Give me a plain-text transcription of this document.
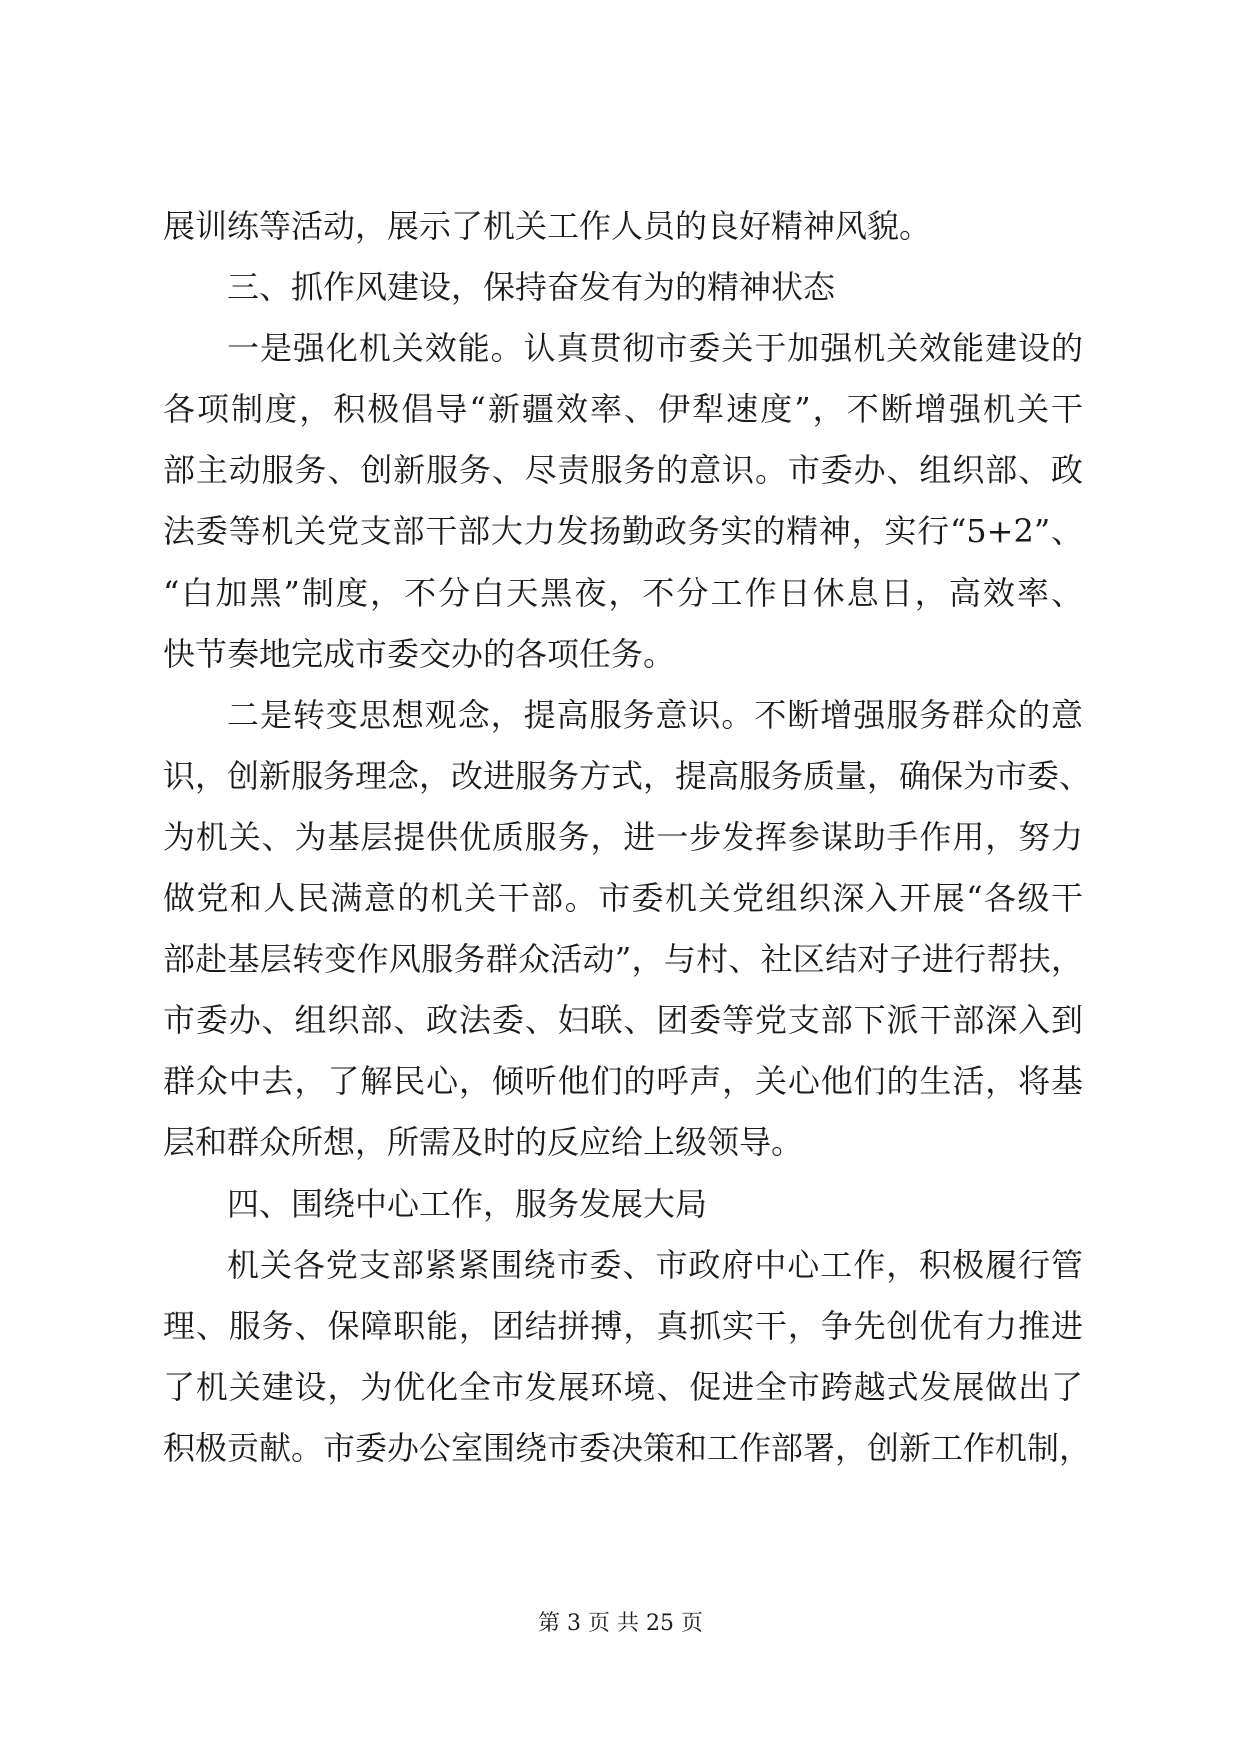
展训练等活动，展示了机关工作人员的良好精神风貌。
三、抓作风建设，保持奋发有为的精神状态
一是强化机关效能。认真贯彻市委关于加强机关效能建设的
各项制度，积极倡导“新疆效率、伊犁速度”，不断增强机关干
部主动服务、创新服务、尽责服务的意识。市委办、组织部、政
法委等机关党支部干部大力发扬勤政务实的精神，实行“5+2”、
“白加黑”制度，不分白天黑夜，不分工作日休息日，高效率、
快节奏地完成市委交办的各项任务。
二是转变思想观念，提高服务意识。不断增强服务群众的意
识，创新服务理念，改进服务方式，提高服务质量，确保为市委、
为机关、为基层提供优质服务，进一步发挥参谋助手作用，努力
做党和人民满意的机关干部。市委机关党组织深入开展“各级干
部赴基层转变作风服务群众活动”，与村、社区结对子进行帮扶，
市委办、组织部、政法委、妇联、团委等党支部下派干部深入到
群众中去，了解民心，倾听他们的呼声，关心他们的生活，将基
层和群众所想，所需及时的反应给上级领导。
四、围绕中心工作，服务发展大局
机关各党支部紧紧围绕市委、市政府中心工作，积极履行管
理、服务、保障职能，团结拼搏，真抓实干，争先创优有力推进
了机关建设，为优化全市发展环境、促进全市跨越式发展做出了
积极贡献。市委办公室围绕市委决策和工作部署，创新工作机制，
第 3 页 共 25 页
